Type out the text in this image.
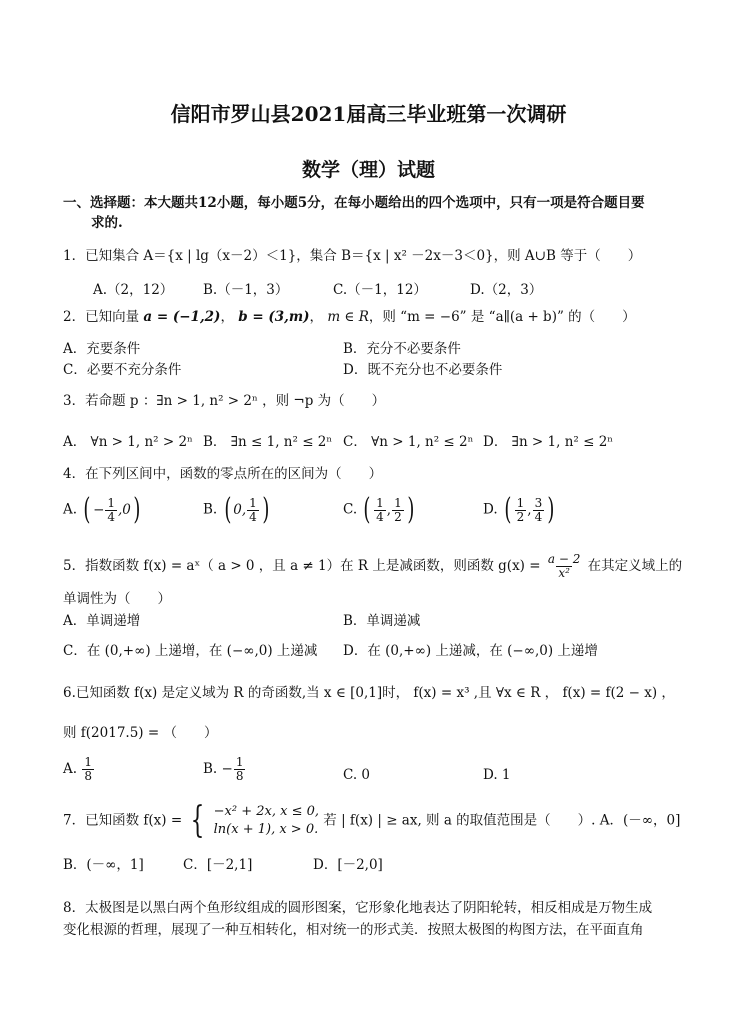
信阳市罗山县2021届高三毕业班第一次调研
数学（理）试题
一、选择题：本大题共12小题，每小题5分，在每小题给出的四个选项中，只有一项是符合题目要
求的.
1．已知集合 A＝{x | lg（x－2）＜1}，集合 B＝{x | x² －2x－3＜0}，则 A∪B 等于（　　）
A.（2，12） B.（－1，3）	C.（－1，12）	D.（2，3）
2．已知向量 a = (−1,2)， b = (3,m)， m ∈ R，则 “m = −6” 是 “a∥(a + b)” 的（　　）
A．充要条件	B．充分不必要条件
C．必要不充分条件	D．既不充分也不必要条件
3．若命题 p ：∃n > 1, n² > 2ⁿ ，则 ¬p 为（　　）
A． ∀n > 1, n² > 2ⁿ B． ∃n ≤ 1, n² ≤ 2ⁿ C． ∀n > 1, n² ≤ 2ⁿ D． ∃n > 1, n² ≤ 2ⁿ
4．在下列区间中，函数的零点所在的区间为（　　）
A. ( − $\frac{1}{4} ,0$ )	B. ( 0, $\frac{1}{4}$ )	C. ( $\frac{1}{4}$ , $\frac{1}{2}$ )	D. ( $\frac{1}{2}$ , $\frac{3}{4}$ )
5．指数函数 f(x) = aˣ（ a > 0 ，且 a ≠ 1）在 R 上是减函数，则函数 $g(x) = \frac{a - 2}{\text{x²}}$ 在其定义域上的
单调性为（　　）
A．单调递增	B．单调递减
C．在 (0,+∞) 上递增，在 (−∞,0) 上递减 D．在 (0,+∞) 上递减，在 (−∞,0) 上递增
6.已知函数 f(x) 是定义域为 R 的奇函数,当 x ∈ [0,1]时， f(x) = x³ ,且 ∀x ∈ R ， f(x) = f(2 − x) ，
则 f(2017.5) = （　　）
A. $\frac{1}{8}$	B. − $\frac{1}{8}$	C. 0	D. 1
7．已知函数 f(x) = { −x² + 2x, x ≤ 0,
ln(x + 1), x > 0.
若 | f(x) | ≥ ax, 则 a 的取值范围是（　　）. A．(－∞，0]
B．(－∞，1]	C．[－2,1]	D．[－2,0]
8．太极图是以黑白两个鱼形纹组成的圆形图案，它形象化地表达了阴阳轮转，相反相成是万物生成
变化根源的哲理，展现了一种互相转化，相对统一的形式美．按照太极图的构图方法，在平面直角
